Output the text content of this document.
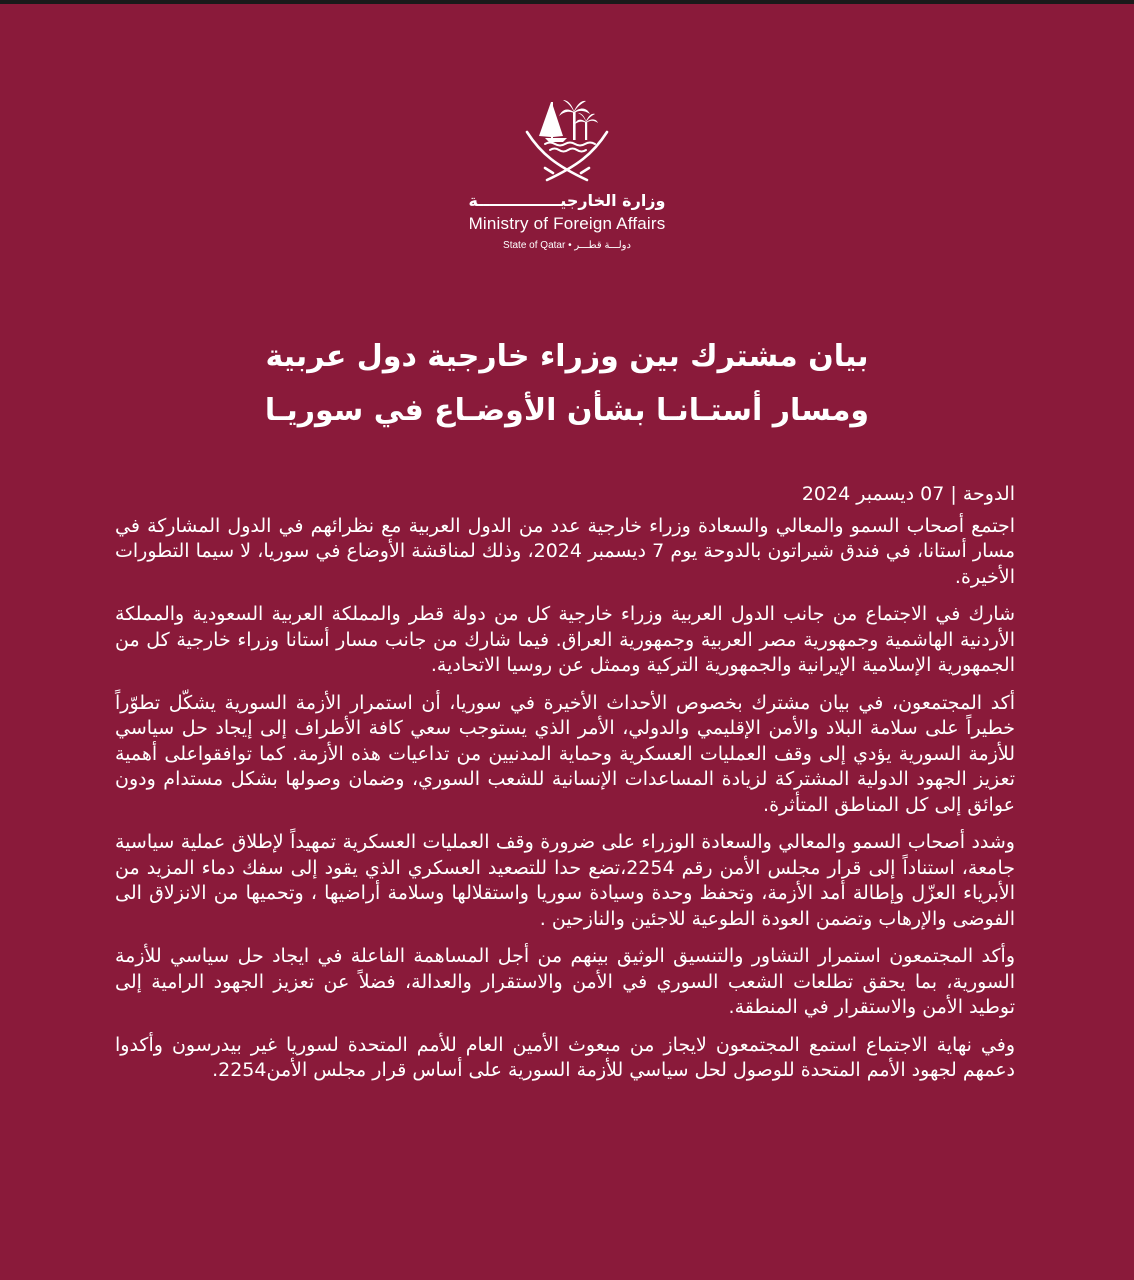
وزارة الخارجيـــــــــــــــة
Ministry of Foreign Affairs
State of Qatar • دولـــة قطـــر
بيان مشترك بين وزراء خارجية دول عربية
ومسار أستـانـا بشأن الأوضـاع في سوريـا
الدوحة | 07 ديسمبر 2024

اجتمع أصحاب السمو والمعالي والسعادة وزراء خارجية عدد من الدول العربية مع نظرائهم في الدول المشاركة في مسار أستانا، في فندق شيراتون بالدوحة يوم 7 ديسمبر 2024، وذلك لمناقشة الأوضاع في سوريا، لا سيما التطورات الأخيرة.

شارك في الاجتماع من جانب الدول العربية وزراء خارجية كل من دولة قطر والمملكة العربية السعودية والمملكة الأردنية الهاشمية وجمهورية مصر العربية وجمهورية العراق. فيما شارك من جانب مسار أستانا وزراء خارجية كل من الجمهورية الإسلامية الإيرانية والجمهورية التركية وممثل عن روسيا الاتحادية.

أكد المجتمعون، في بيان مشترك بخصوص الأحداث الأخيرة في سوريا، أن استمرار الأزمة السورية يشكّل تطوّراً خطيراً على سلامة البلاد والأمن الإقليمي والدولي، الأمر الذي يستوجب سعي كافة الأطراف إلى إيجاد حل سياسي للأزمة السورية يؤدي إلى وقف العمليات العسكرية وحماية المدنيين من تداعيات هذه الأزمة. كما توافقواعلى أهمية تعزيز الجهود الدولية المشتركة لزيادة المساعدات الإنسانية للشعب السوري، وضمان وصولها بشكل مستدام ودون عوائق إلى كل المناطق المتأثرة.

وشدد أصحاب السمو والمعالي والسعادة الوزراء على ضرورة وقف العمليات العسكرية تمهيداً لإطلاق عملية سياسية جامعة، استناداً إلى قرار مجلس الأمن رقم 2254،تضع حدا للتصعيد العسكري الذي يقود إلى سفك دماء المزيد من الأبرياء العزّل وإطالة أمد الأزمة، وتحفظ وحدة وسيادة سوريا واستقلالها وسلامة أراضيها ، وتحميها من الانزلاق الى الفوضى والإرهاب وتضمن العودة الطوعية للاجئين والنازحين .

وأكد المجتمعون استمرار التشاور والتنسيق الوثيق بينهم من أجل المساهمة الفاعلة في ايجاد حل سياسي للأزمة السورية، بما يحقق تطلعات الشعب السوري في الأمن والاستقرار والعدالة، فضلاً عن تعزيز الجهود الرامية إلى توطيد الأمن والاستقرار في المنطقة.

وفي نهاية الاجتماع استمع المجتمعون لايجاز من مبعوث الأمين العام للأمم المتحدة لسوريا غير بيدرسون وأكدوا دعمهم لجهود الأمم المتحدة للوصول لحل سياسي للأزمة السورية على أساس قرار مجلس الأمن2254.
